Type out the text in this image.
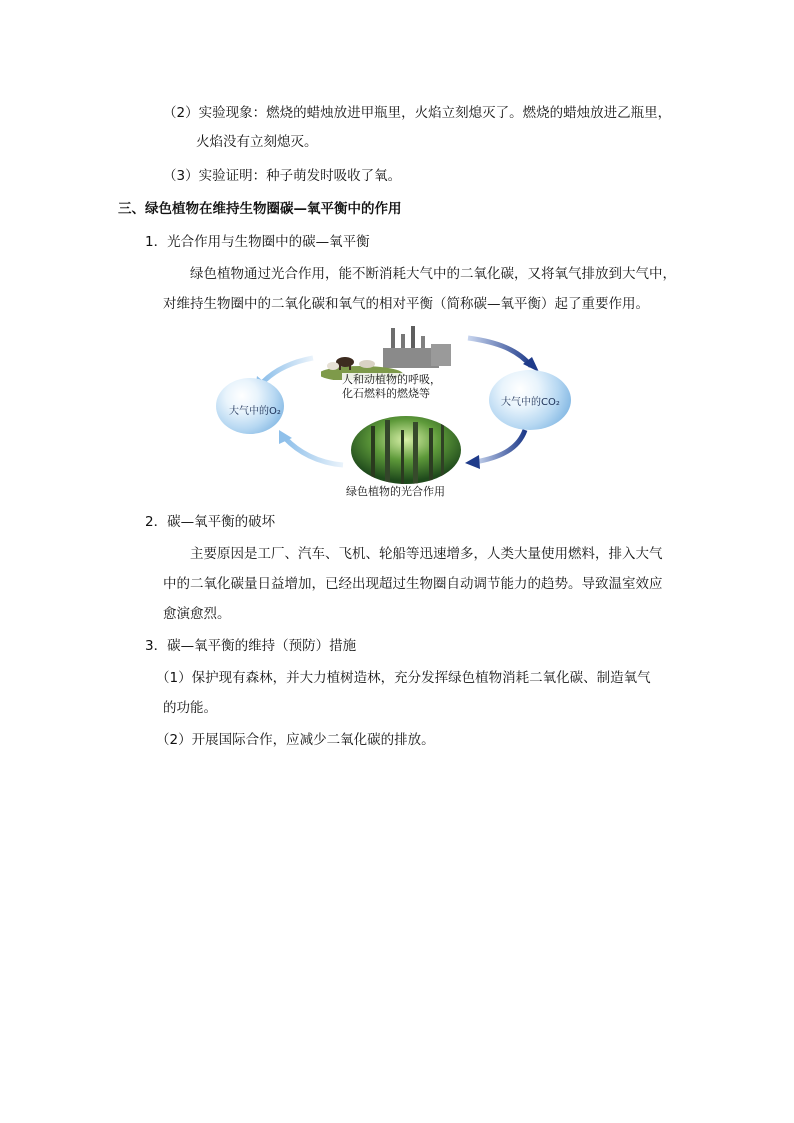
（2）实验现象：燃烧的蜡烛放进甲瓶里，火焰立刻熄灭了。燃烧的蜡烛放进乙瓶里，
火焰没有立刻熄灭。
（3）实验证明：种子萌发时吸收了氧。
三、绿色植物在维持生物圈碳—氧平衡中的作用
1．光合作用与生物圈中的碳—氧平衡
绿色植物通过光合作用，能不断消耗大气中的二氧化碳，又将氧气排放到大气中，
对维持生物圈中的二氧化碳和氧气的相对平衡（简称碳—氧平衡）起了重要作用。
大气中的O₂
大气中的CO₂
人和动植物的呼吸，
化石燃料的燃烧等
绿色植物的光合作用
2．碳—氧平衡的破坏
主要原因是工厂、汽车、飞机、轮船等迅速增多，人类大量使用燃料，排入大气
中的二氧化碳量日益增加，已经出现超过生物圈自动调节能力的趋势。导致温室效应
愈演愈烈。
3．碳—氧平衡的维持（预防）措施
（1）保护现有森林，并大力植树造林，充分发挥绿色植物消耗二氧化碳、制造氧气
的功能。
（2）开展国际合作，应减少二氧化碳的排放。
